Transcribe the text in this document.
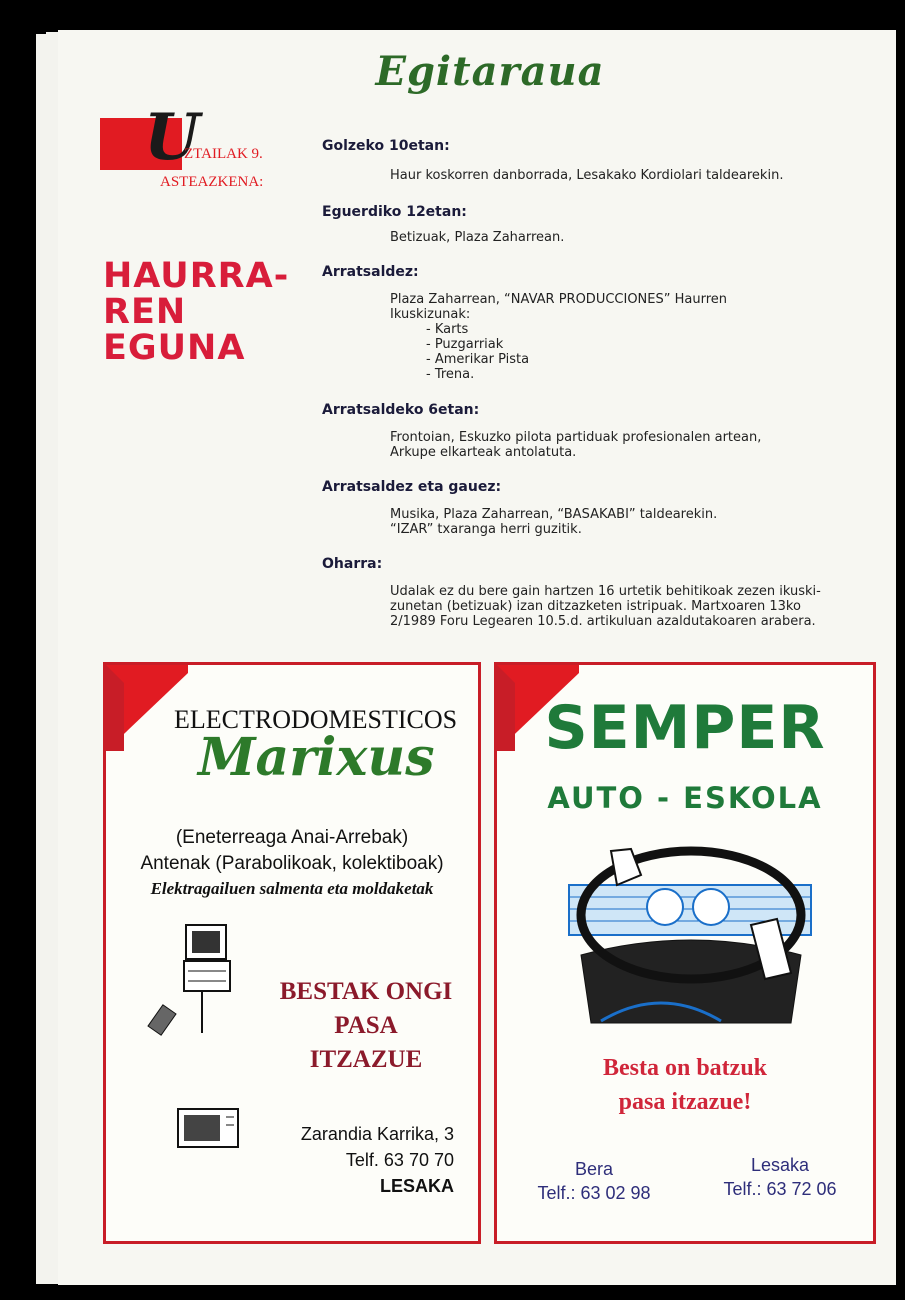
Egitaraua
U
ZTAILAK 9.
ASTEAZKENA:
HAURRA-
REN
EGUNA
Golzeko 10etan:
Haur koskorren danborrada, Lesakako Kordiolari taldearekin.
Eguerdiko 12etan:
Betizuak, Plaza Zaharrean.
Arratsaldez:
Plaza Zaharrean, “NAVAR PRODUCCIONES” Haurren
Ikuskizunak:
- Karts
- Puzgarriak
- Amerikar Pista
- Trena.
Arratsaldeko 6etan:
Frontoian, Eskuzko pilota partiduak profesionalen artean,
Arkupe elkarteak antolatuta.
Arratsaldez eta gauez:
Musika, Plaza Zaharrean, “BASAKABI” taldearekin.
“IZAR” txaranga herri guzitik.
Oharra:
Udalak ez du bere gain hartzen 16 urtetik behitikoak zezen ikuski-
zunetan (betizuak) izan ditzazketen istripuak. Martxoaren 13ko
2/1989 Foru Legearen 10.5.d. artikuluan azaldutakoaren arabera.
ELECTRODOMESTICOS
Marixus
(Eneterreaga Anai-Arrebak)
Antenak (Parabolikoak, kolektiboak)
Elektragailuen salmenta eta moldaketak
BESTAK ONGI
PASA
ITZAZUE
Zarandia Karrika, 3
Telf. 63 70 70
LESAKA
SEMPER
AUTO - ESKOLA
Besta on batzuk
pasa itzazue!
Bera
Telf.: 63 02 98
Lesaka
Telf.: 63 72 06
